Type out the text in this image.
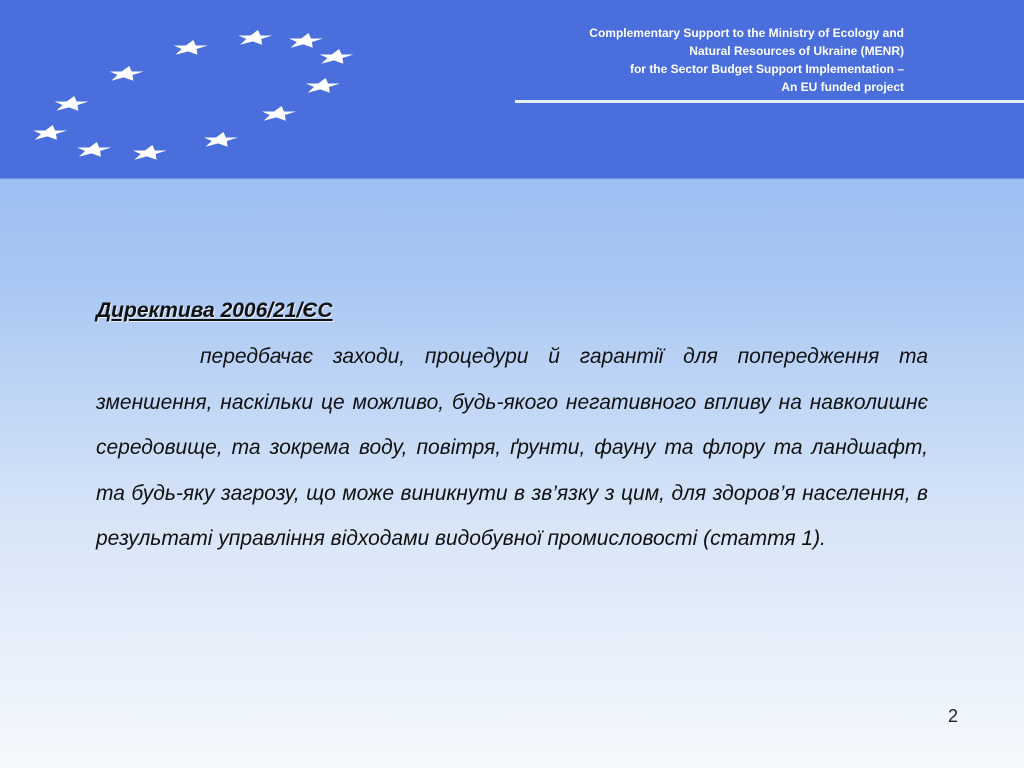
Complementary Support to the Ministry of Ecology and
Natural Resources of Ukraine (MENR)
for the Sector Budget Support Implementation –
An EU funded project
Директива 2006/21/ЄС

передбачає заходи, процедури й гарантії для попередження та зменшення, наскільки це можливо, будь-якого негативного впливу на навколишнє середовище, та зокрема воду, повітря, ґрунти, фауну та флору та ландшафт, та будь-яку загрозу, що може виникнути в зв’язку з цим, для здоров’я населення, в результаті управління відходами видобувної промисловості (стаття 1).

2
